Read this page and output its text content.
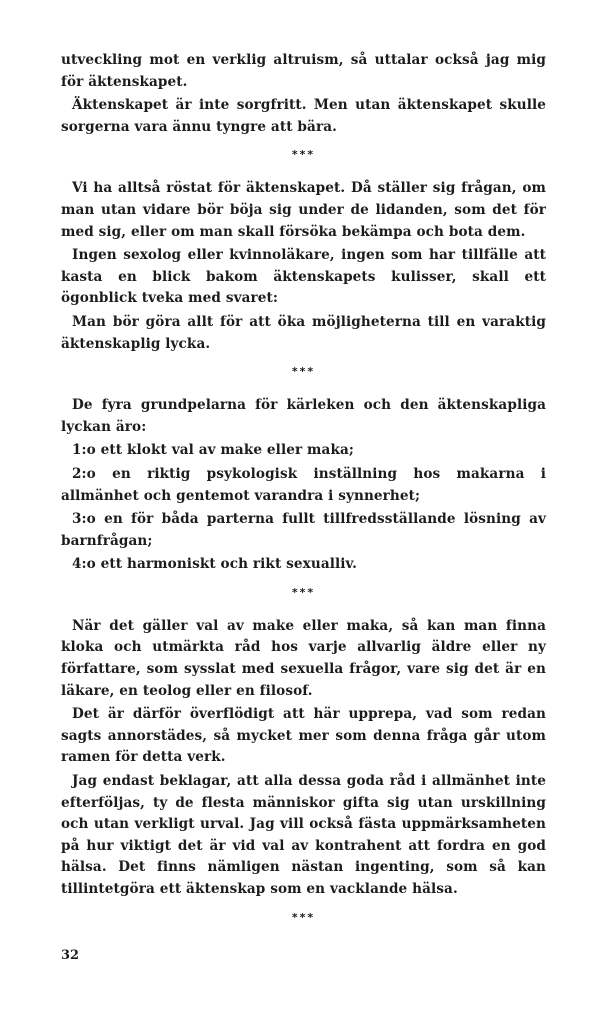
utveckling mot en verklig altruism, så uttalar också jag mig för äktenskapet.

Äktenskapet är inte sorgfritt. Men utan äktenskapet skulle sorgerna vara ännu tyngre att bära.

***

Vi ha alltså röstat för äktenskapet. Då ställer sig frågan, om man utan vidare bör böja sig under de lidanden, som det för med sig, eller om man skall försöka bekämpa och bota dem.

Ingen sexolog eller kvinnoläkare, ingen som har tillfälle att kasta en blick bakom äktenskapets kulisser, skall ett ögonblick tveka med svaret:

Man bör göra allt för att öka möjligheterna till en varaktig äktenskaplig lycka.

***

De fyra grundpelarna för kärleken och den äktenskapliga lyckan äro:

1:o ett klokt val av make eller maka;

2:o en riktig psykologisk inställning hos makarna i allmänhet och gentemot varandra i synnerhet;

3:o en för båda parterna fullt tillfredsställande lösning av barnfrågan;

4:o ett harmoniskt och rikt sexualliv.

***

När det gäller val av make eller maka, så kan man finna kloka och utmärkta råd hos varje allvarlig äldre eller ny författare, som sysslat med sexuella frågor, vare sig det är en läkare, en teolog eller en filosof.

Det är därför överflödigt att här upprepa, vad som redan sagts annorstädes, så mycket mer som denna fråga går utom ramen för detta verk.

Jag endast beklagar, att alla dessa goda råd i allmänhet inte efterföljas, ty de flesta människor gifta sig utan urskillning och utan verkligt urval. Jag vill också fästa uppmärksamheten på hur viktigt det är vid val av kontrahent att fordra en god hälsa. Det finns nämligen nästan ingenting, som så kan tillintetgöra ett äktenskap som en vacklande hälsa.

***
32
